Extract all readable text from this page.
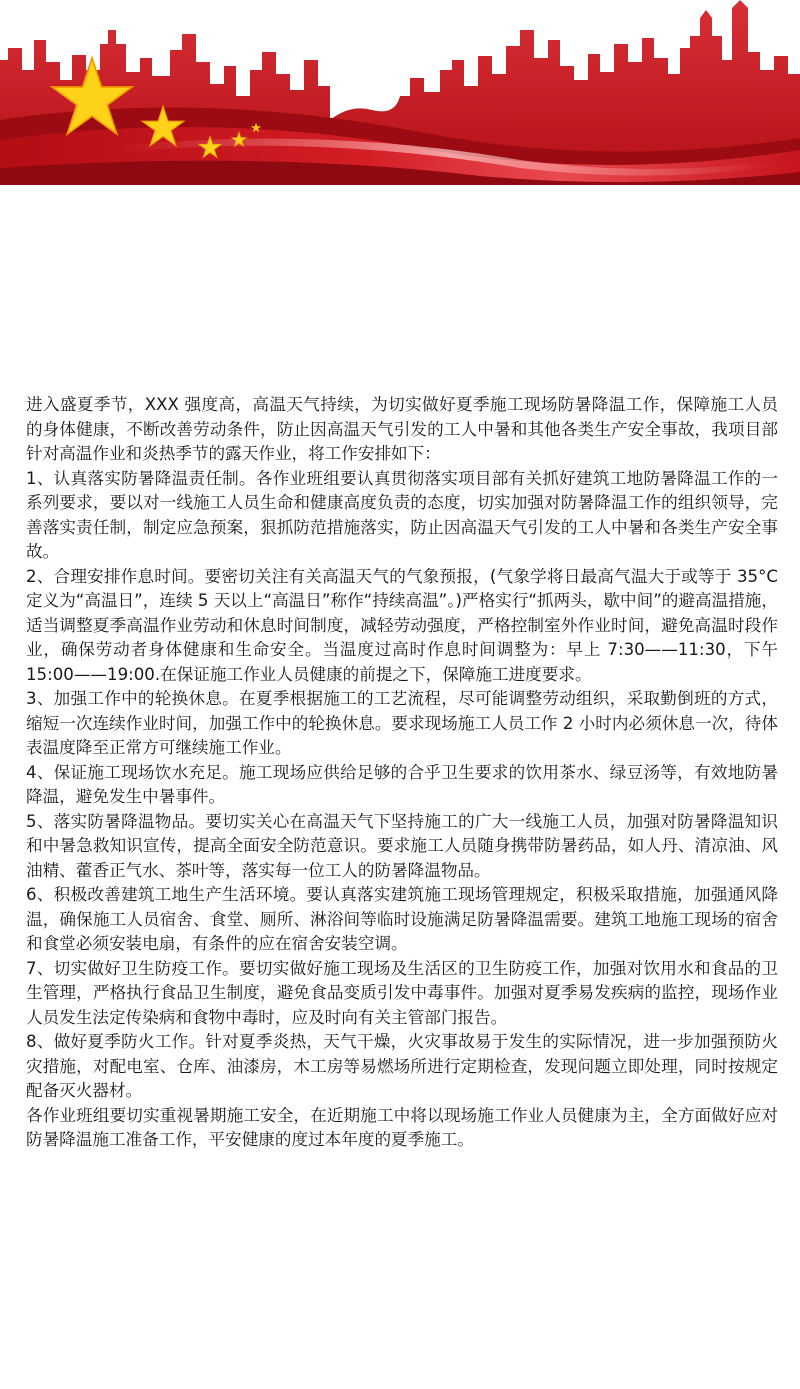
进入盛夏季节，XXX 强度高，高温天气持续，为切实做好夏季施工现场防暑降温工作，保障施工人员的身体健康，不断改善劳动条件，防止因高温天气引发的工人中暑和其他各类生产安全事故，我项目部针对高温作业和炎热季节的露天作业，将工作安排如下：

1、认真落实防暑降温责任制。各作业班组要认真贯彻落实项目部有关抓好建筑工地防暑降温工作的一系列要求，要以对一线施工人员生命和健康高度负责的态度，切实加强对防暑降温工作的组织领导，完善落实责任制，制定应急预案，狠抓防范措施落实，防止因高温天气引发的工人中暑和各类生产安全事故。

2、合理安排作息时间。要密切关注有关高温天气的气象预报，(气象学将日最高气温大于或等于 35°C 定义为“高温日”，连续 5 天以上“高温日”称作“持续高温”。)严格实行“抓两头，歇中间”的避高温措施，适当调整夏季高温作业劳动和休息时间制度，减轻劳动强度，严格控制室外作业时间，避免高温时段作业，确保劳动者身体健康和生命安全。当温度过高时作息时间调整为：早上 7:30——11:30，下午 15:00——19:00.在保证施工作业人员健康的前提之下，保障施工进度要求。

3、加强工作中的轮换休息。在夏季根据施工的工艺流程，尽可能调整劳动组织，采取勤倒班的方式，缩短一次连续作业时间，加强工作中的轮换休息。要求现场施工人员工作 2 小时内必须休息一次，待体表温度降至正常方可继续施工作业。

4、保证施工现场饮水充足。施工现场应供给足够的合乎卫生要求的饮用茶水、绿豆汤等，有效地防暑降温，避免发生中暑事件。

5、落实防暑降温物品。要切实关心在高温天气下坚持施工的广大一线施工人员，加强对防暑降温知识和中暑急救知识宣传，提高全面安全防范意识。要求施工人员随身携带防暑药品，如人丹、清凉油、风油精、藿香正气水、茶叶等，落实每一位工人的防暑降温物品。

6、积极改善建筑工地生产生活环境。要认真落实建筑施工现场管理规定，积极采取措施，加强通风降温，确保施工人员宿舍、食堂、厕所、淋浴间等临时设施满足防暑降温需要。建筑工地施工现场的宿舍和食堂必须安装电扇，有条件的应在宿舍安装空调。

7、切实做好卫生防疫工作。要切实做好施工现场及生活区的卫生防疫工作，加强对饮用水和食品的卫生管理，严格执行食品卫生制度，避免食品变质引发中毒事件。加强对夏季易发疾病的监控，现场作业人员发生法定传染病和食物中毒时，应及时向有关主管部门报告。

8、做好夏季防火工作。针对夏季炎热，天气干燥，火灾事故易于发生的实际情况，进一步加强预防火灾措施，对配电室、仓库、油漆房，木工房等易燃场所进行定期检查，发现问题立即处理，同时按规定配备灭火器材。

各作业班组要切实重视暑期施工安全，在近期施工中将以现场施工作业人员健康为主，全方面做好应对防暑降温施工准备工作，平安健康的度过本年度的夏季施工。
